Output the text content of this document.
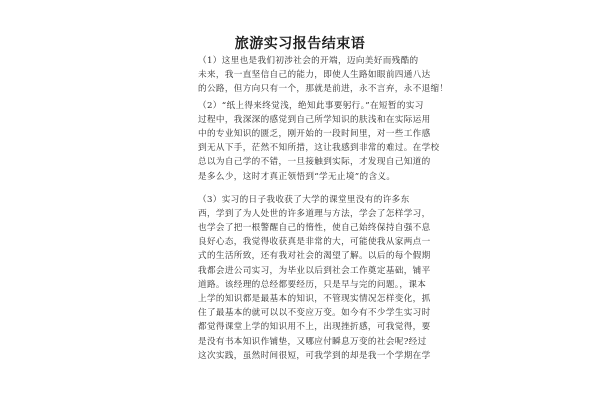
旅游实习报告结束语
（1）这里也是我们初涉社会的开端，迈向美好而残酷的
未来，我一直坚信自己的能力，即使人生路如眼前四通八达
的公路，但方向只有一个，那就是前进，永不言弃，永不退缩！
（2）“纸上得来终觉浅，绝知此事要躬行。”在短暂的实习
过程中，我深深的感觉到自己所学知识的肤浅和在实际运用
中的专业知识的匮乏，刚开始的一段时间里，对一些工作感
到无从下手，茫然不知所措，这让我感到非常的难过。在学校
总以为自己学的不错，一旦接触到实际，才发现自己知道的
是多么少，这时才真正领悟到“学无止境”的含义。
（3）实习的日子我收获了大学的课堂里没有的许多东
西，学到了为人处世的许多道理与方法，学会了怎样学习，
也学会了把一根警醒自己的惰性，使自己始终保持自强不息
良好心态，我觉得收获真是非常的大，可能使我从家两点一
式的生活所致，还有我对社会的渴望了解。以后的每个假期
我都会进公司实习，为毕业以后到社会工作奠定基础，铺平
道路。该经理的总经都要经历，只是早与完的问题。，课本
上学的知识都是最基本的知识，不管现实情况怎样变化，抓
住了最基本的就可以以不变应万变。如今有不少学生实习时
都觉得课堂上学的知识用不上，出现挫折感，可我觉得，要
是没有书本知识作铺垫，又哪应付瞬息万变的社会呢?经过
这次实践，虽然时间很短，可我学到的却是我一个学期在学
